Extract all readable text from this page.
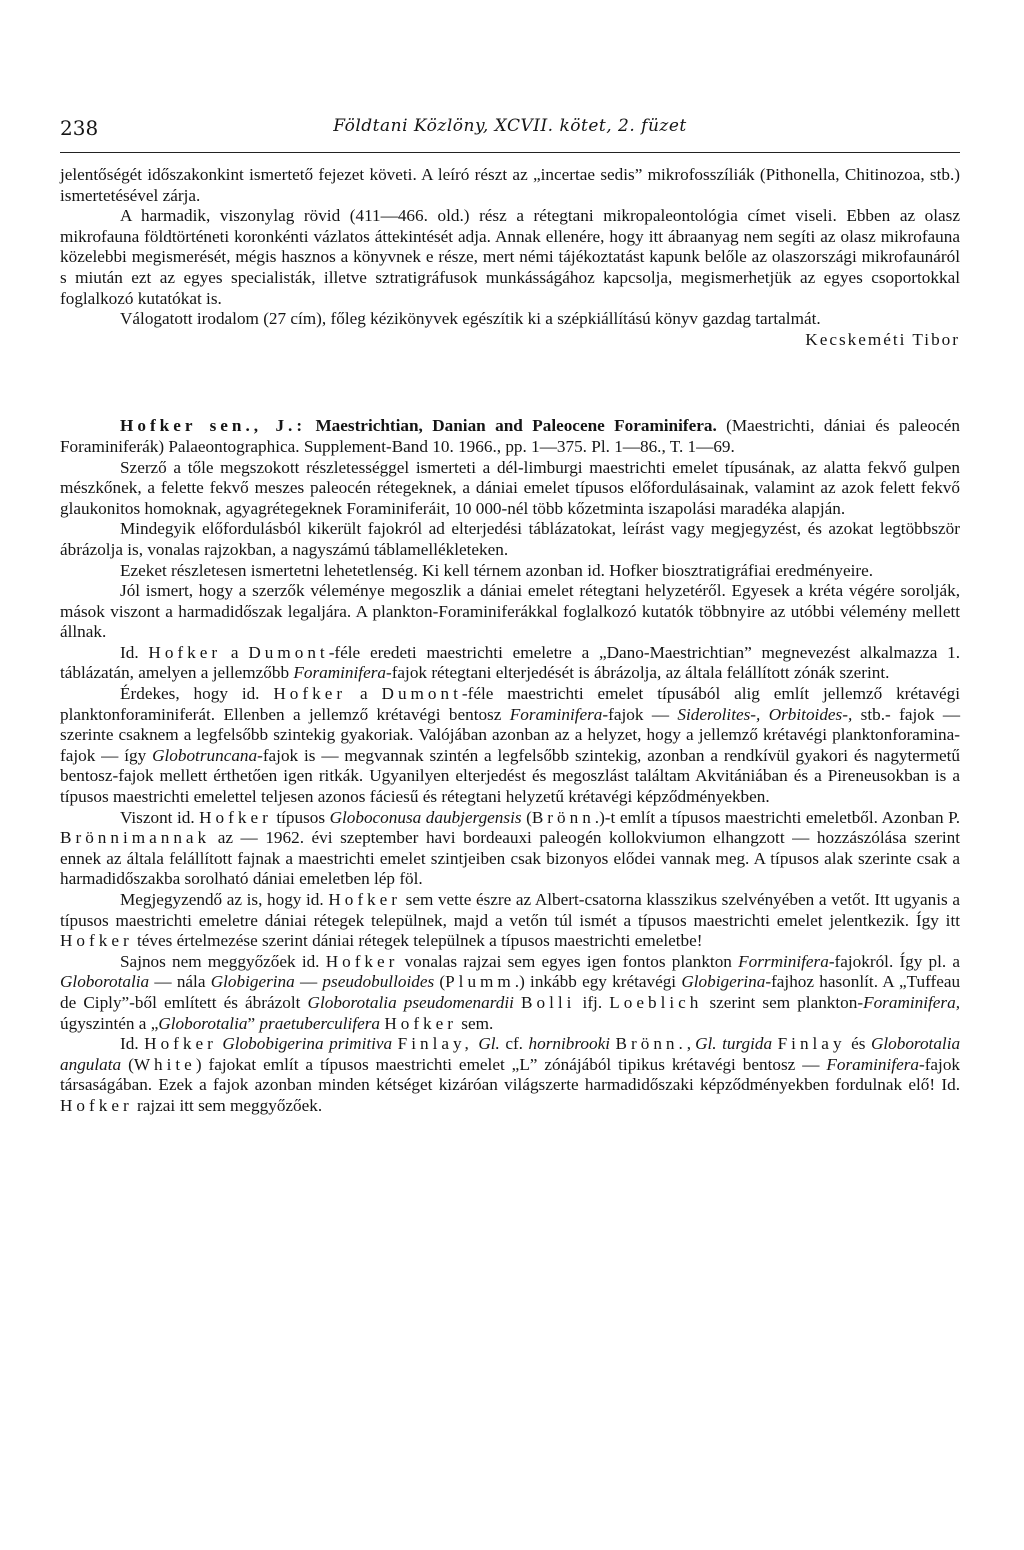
238	Földtani Közlöny, XCVII. kötet, 2. füzet

jelentőségét időszakonkint ismertető fejezet követi. A leíró részt az „incertae sedis” mikrofosszíliák (Pithonella, Chitinozoa, stb.) ismertetésével zárja.

A harmadik, viszonylag rövid (411—466. old.) rész a rétegtani mikropaleontológia címet viseli. Ebben az olasz mikrofauna földtörténeti koronkénti vázlatos áttekintését adja. Annak ellenére, hogy itt ábraanyag nem segíti az olasz mikrofauna közelebbi megismerését, mégis hasznos a könyvnek e része, mert némi tájékoztatást kapunk belőle az olaszországi mikrofaunáról s miután ezt az egyes specialisták, illetve sztratigráfusok munkásságához kapcsolja, megismerhetjük az egyes csoportokkal foglalkozó kutatókat is.

Válogatott irodalom (27 cím), főleg kézikönyvek egészítik ki a szépkiállítású könyv gazdag tartalmát.

Kecskeméti Tibor

Hofker sen., J.: Maestrichtian, Danian and Paleocene Foraminifera. (Maestrichti, dániai és paleocén Foraminiferák) Palaeontographica. Supplement-Band 10. 1966., pp. 1—375. Pl. 1—86., T. 1—69.

Szerző a tőle megszokott részletességgel ismerteti a dél-limburgi maestrichti emelet típusának, az alatta fekvő gulpen mészkőnek, a felette fekvő meszes paleocén rétegeknek, a dániai emelet típusos előfordulásainak, valamint az azok felett fekvő glaukonitos homoknak, agyagrétegeknek Foraminiferáit, 10 000-nél több kőzetminta iszapolási maradéka alapján.

Mindegyik előfordulásból kikerült fajokról ad elterjedési táblázatokat, leírást vagy megjegyzést, és azokat legtöbbször ábrázolja is, vonalas rajzokban, a nagyszámú táblamellékleteken.

Ezeket részletesen ismertetni lehetetlenség. Ki kell térnem azonban id. Hofker biosztratigráfiai eredményeire.

Jól ismert, hogy a szerzők véleménye megoszlik a dániai emelet rétegtani helyzetéről. Egyesek a kréta végére sorolják, mások viszont a harmadidőszak legaljára. A plankton-Foraminiferákkal foglalkozó kutatók többnyire az utóbbi vélemény mellett állnak.

Id. Hofker a Dumont-féle eredeti maestrichti emeletre a „Dano-Maestrichtian” megnevezést alkalmazza 1. táblázatán, amelyen a jellemzőbb Foraminifera-fajok rétegtani elterjedését is ábrázolja, az általa felállított zónák szerint.

Érdekes, hogy id. Hofker a Dumont-féle maestrichti emelet típusából alig említ jellemző krétavégi planktonforaminiferát. Ellenben a jellemző krétavégi bentosz Foraminifera-fajok — Siderolites-, Orbitoides-, stb.- fajok — szerinte csaknem a legfelsőbb szintekig gyakoriak. Valójában azonban az a helyzet, hogy a jellemző krétavégi planktonforamina-fajok — így Globotruncana-fajok is — megvannak szintén a legfelsőbb szintekig, azonban a rendkívül gyakori és nagytermetű bentosz-fajok mellett érthetően igen ritkák. Ugyanilyen elterjedést és megoszlást találtam Akvitániában és a Pireneusokban is a típusos maestrichti emelettel teljesen azonos fáciesű és rétegtani helyzetű krétavégi képződményekben.

Viszont id. Hofker típusos Globoconusa daubjergensis (Brönn.)-t említ a típusos maestrichti emeletből. Azonban P. Brönnimannak az — 1962. évi szeptember havi bordeauxi paleogén kollokviumon elhangzott — hozzászólása szerint ennek az általa felállított fajnak a maestrichti emelet szintjeiben csak bizonyos elődei vannak meg. A típusos alak szerinte csak a harmadidőszakba sorolható dániai emeletben lép föl.

Megjegyzendő az is, hogy id. Hofker sem vette észre az Albert-csatorna klasszikus szelvényében a vetőt. Itt ugyanis a típusos maestrichti emeletre dániai rétegek települnek, majd a vetőn túl ismét a típusos maestrichti emelet jelentkezik. Így itt Hofker téves értelmezése szerint dániai rétegek települnek a típusos maestrichti emeletbe!

Sajnos nem meggyőzőek id. Hofker vonalas rajzai sem egyes igen fontos plankton Forrminifera-fajokról. Így pl. a Globorotalia — nála Globigerina — pseudobulloides (Plumm.) inkább egy krétavégi Globigerina-fajhoz hasonlít. A „Tuffeau de Ciply”-ből említett és ábrázolt Globorotalia pseudomenardii Bolli ifj. Loeblich szerint sem plankton-Foraminifera, úgyszintén a „Globorotalia” praetuberculifera Hofker sem.

Id. Hofker Globobigerina primitiva Finlay, Gl. cf. hornibrooki Brönn.,Gl. turgida Finlay és Globorotalia angulata (White) fajokat említ a típusos maestrichti emelet „L” zónájából tipikus krétavégi bentosz — Foraminifera-fajok társaságában. Ezek a fajok azonban minden kétséget kizáróan világszerte harmadidőszaki képződményekben fordulnak elő! Id. Hofker rajzai itt sem meggyőzőek.
